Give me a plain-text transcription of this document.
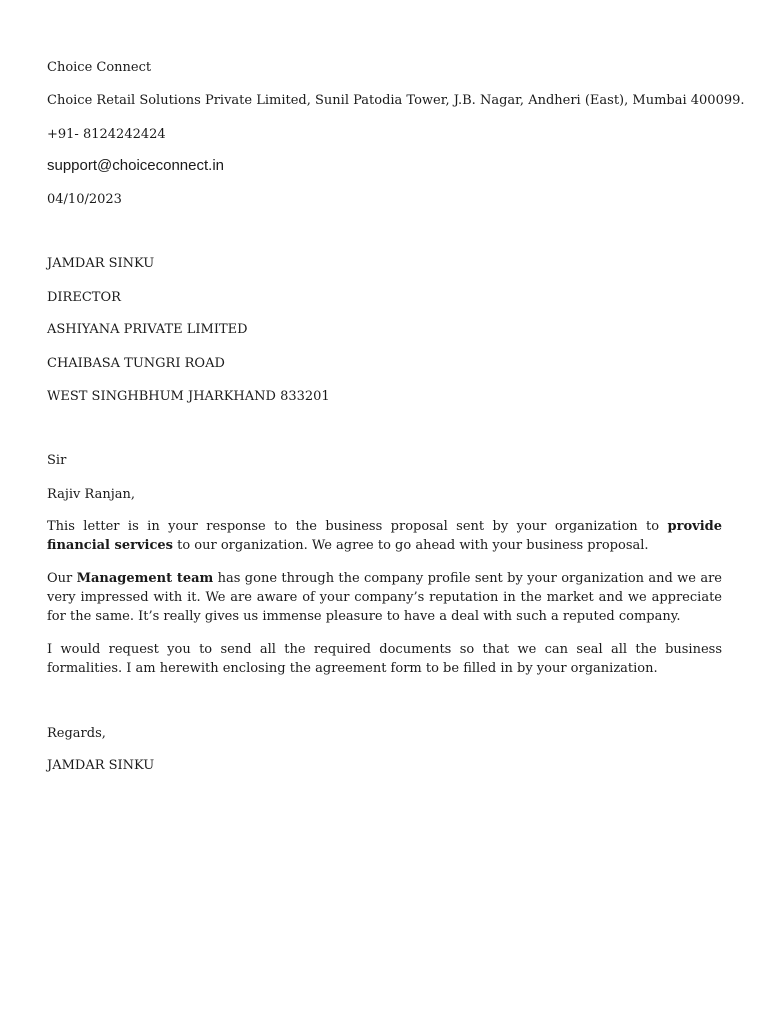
Choice Connect
Choice Retail Solutions Private Limited, Sunil Patodia Tower, J.B. Nagar, Andheri (East), Mumbai 400099.
+91- 8124242424
support@choiceconnect.in
04/10/2023
JAMDAR SINKU
DIRECTOR
ASHIYANA PRIVATE LIMITED
CHAIBASA TUNGRI ROAD
WEST SINGHBHUM JHARKHAND 833201
Sir
Rajiv Ranjan,
This letter is in your response to the business proposal sent by your organization to provide financial services to our organization. We agree to go ahead with your business proposal.
Our Management team has gone through the company profile sent by your organization and we are very impressed with it. We are aware of your company’s reputation in the market and we appreciate for the same. It’s really gives us immense pleasure to have a deal with such a reputed company.
I would request you to send all the required documents so that we can seal all the business formalities. I am herewith enclosing the agreement form to be filled in by your organization.
Regards,
JAMDAR SINKU
